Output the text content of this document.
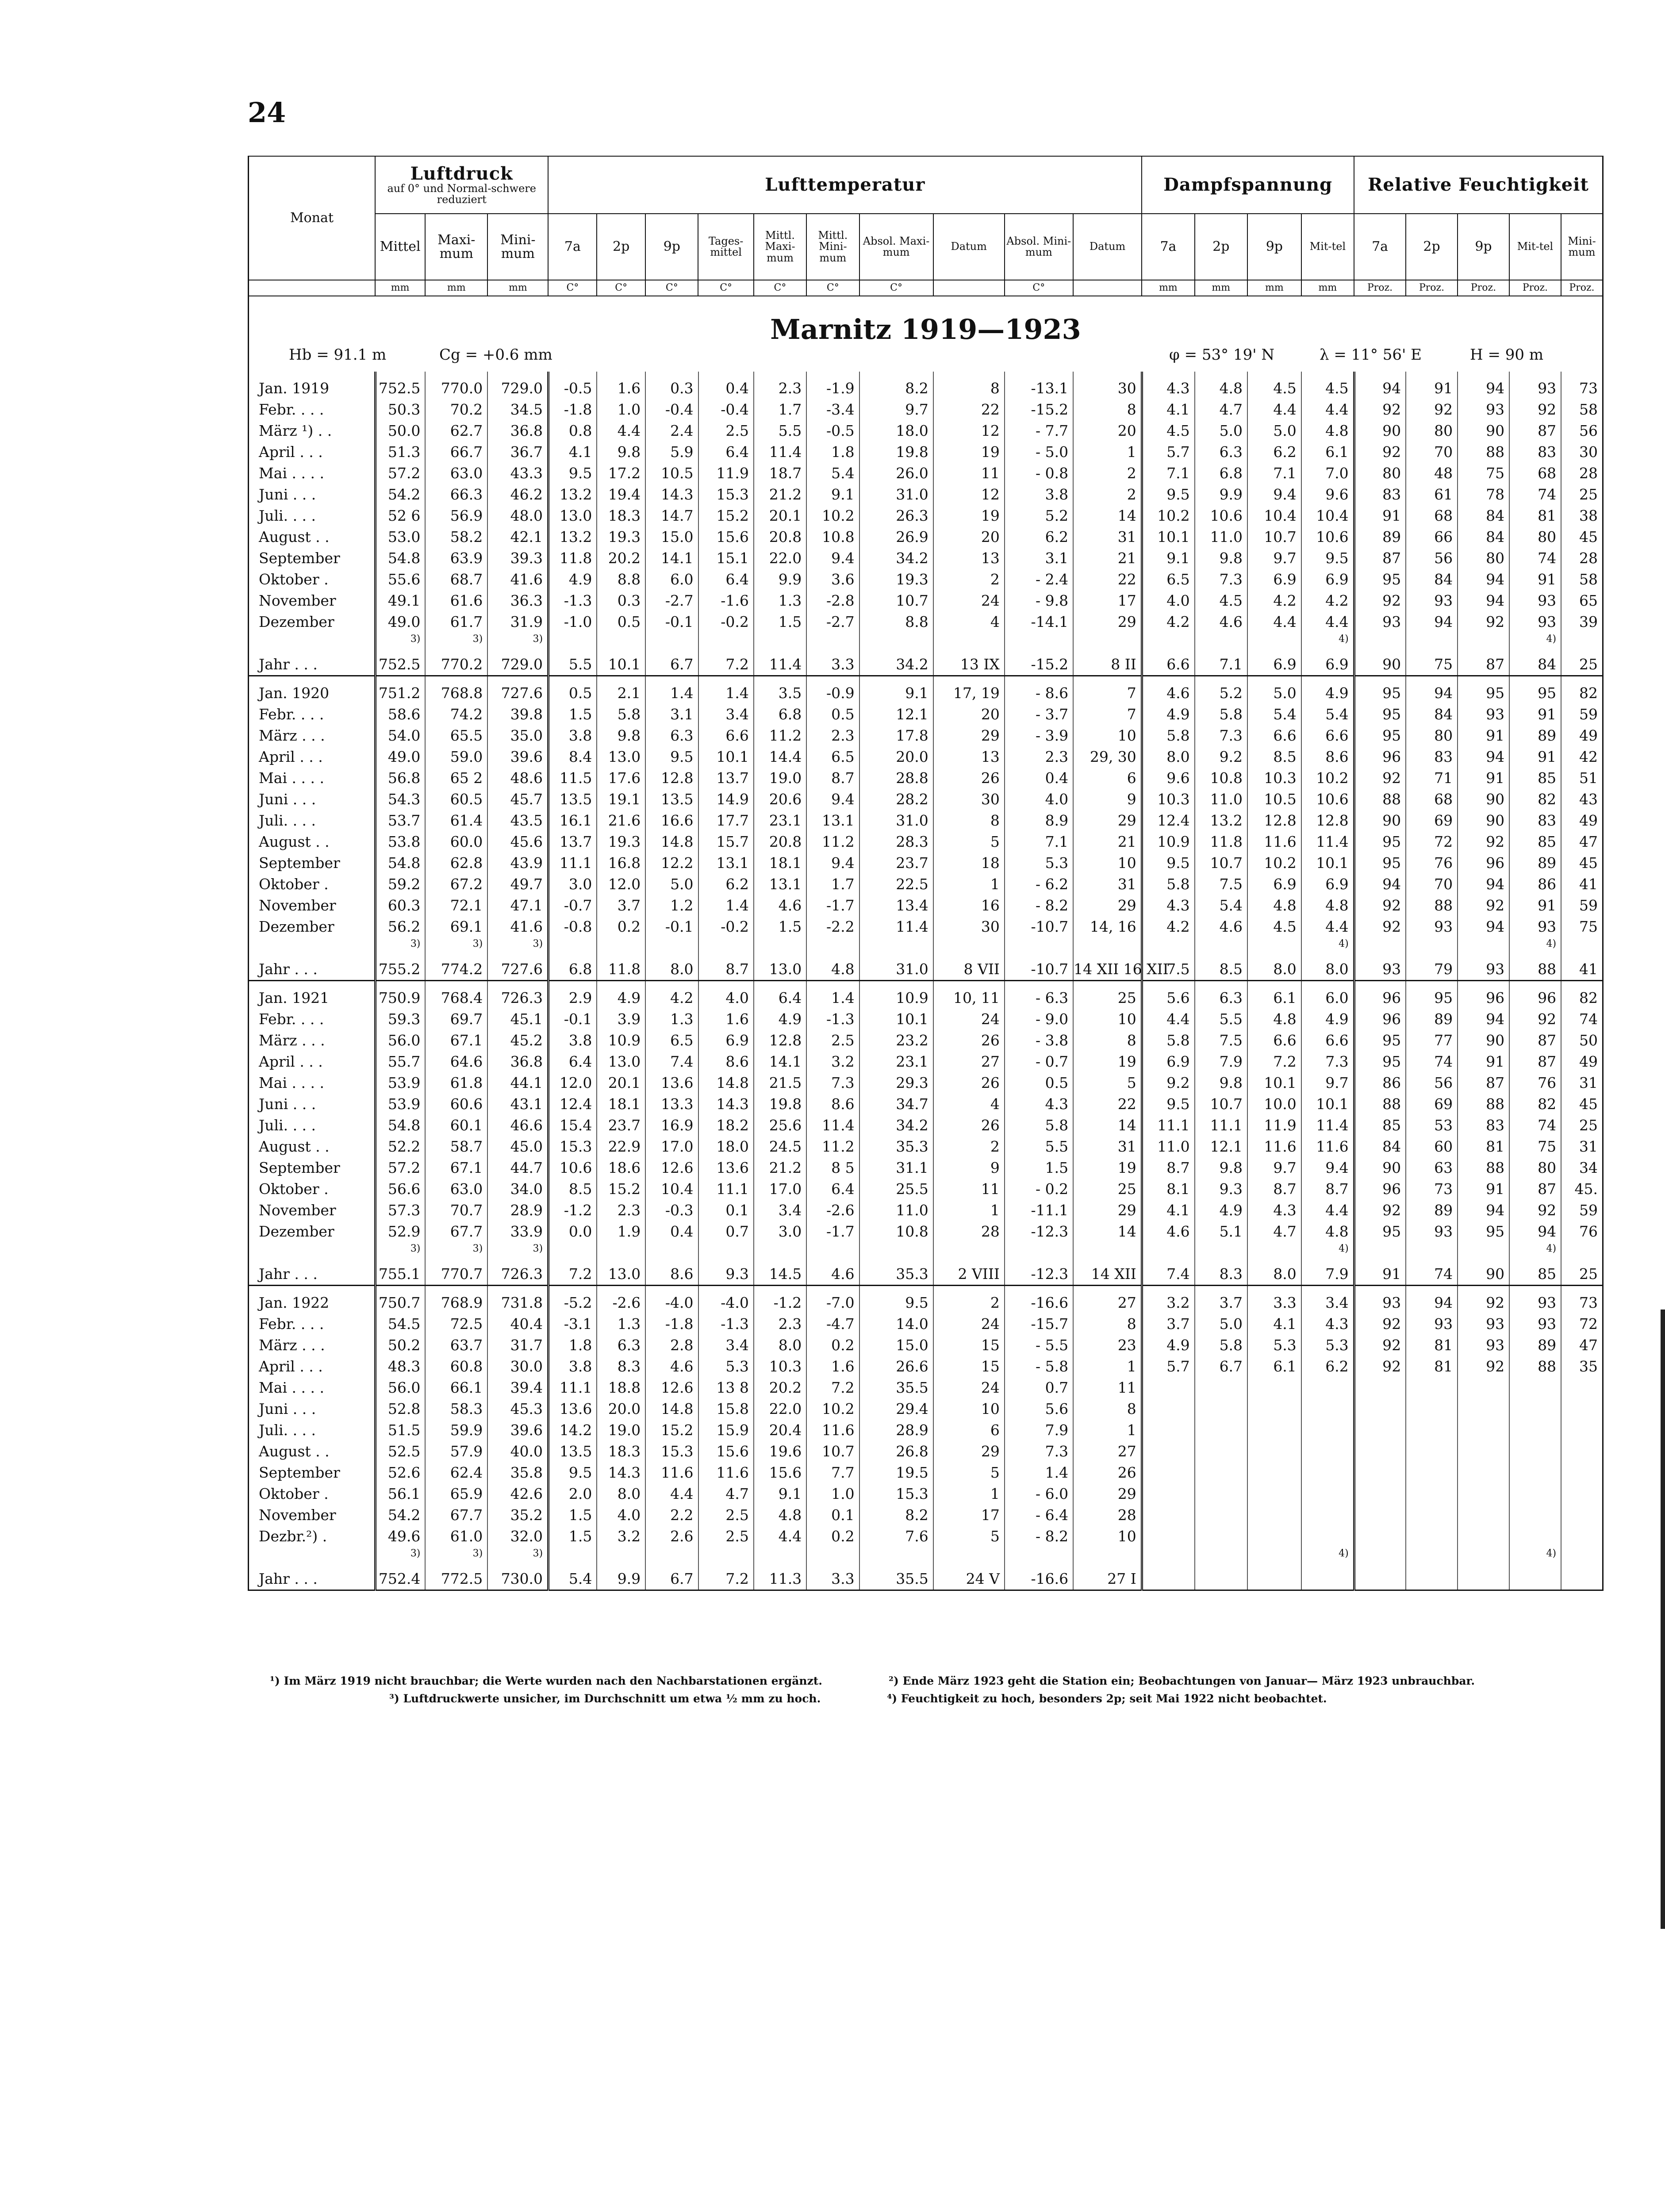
24
Monat	Luftdruck
auf 0° und Normal-schwere reduziert			Lufttemperatur										Dampfspannung				Relative Feuchtigkeit				
	Mittel	Maxi-mum	Mini-mum	7a	2p	9p	Tages-mittel	Mittl. Maxi-mum	Mittl. Mini-mum	Absol. Maxi-mum	Datum	Absol. Mini-mum	Datum	7a	2p	9p	Mit-tel	7a	2p	9p	Mit-tel	Mini-mum
	mm	mm	mm	C°	C°	C°	C°	C°	C°	C°		C°		mm	mm	mm	mm	Proz.	Proz.	Proz.	Proz.	Proz.
Marnitz 1919—1923
Hb = 91.1 m	Cg = +0.6 mm	φ = 53° 19' N	λ = 11° 56' E	H = 90 m
Jan. 1919	752.5	770.0	729.0	-0.5	1.6	0.3	0.4	2.3	-1.9	8.2	8	-13.1	30	4.3	4.8	4.5	4.5	94	91	94	93	73
Febr. . . .	50.3	70.2	34.5	-1.8	1.0	-0.4	-0.4	1.7	-3.4	9.7	22	-15.2	8	4.1	4.7	4.4	4.4	92	92	93	92	58
März ¹) . .	50.0	62.7	36.8	0.8	4.4	2.4	2.5	5.5	-0.5	18.0	12	- 7.7	20	4.5	5.0	5.0	4.8	90	80	90	87	56
April . . .	51.3	66.7	36.7	4.1	9.8	5.9	6.4	11.4	1.8	19.8	19	- 5.0	1	5.7	6.3	6.2	6.1	92	70	88	83	30
Mai . . . .	57.2	63.0	43.3	9.5	17.2	10.5	11.9	18.7	5.4	26.0	11	- 0.8	2	7.1	6.8	7.1	7.0	80	48	75	68	28
Juni . . .	54.2	66.3	46.2	13.2	19.4	14.3	15.3	21.2	9.1	31.0	12	3.8	2	9.5	9.9	9.4	9.6	83	61	78	74	25
Juli. . . .	52 6	56.9	48.0	13.0	18.3	14.7	15.2	20.1	10.2	26.3	19	5.2	14	10.2	10.6	10.4	10.4	91	68	84	81	38
August . .	53.0	58.2	42.1	13.2	19.3	15.0	15.6	20.8	10.8	26.9	20	6.2	31	10.1	11.0	10.7	10.6	89	66	84	80	45
September	54.8	63.9	39.3	11.8	20.2	14.1	15.1	22.0	9.4	34.2	13	3.1	21	9.1	9.8	9.7	9.5	87	56	80	74	28
Oktober .	55.6	68.7	41.6	4.9	8.8	6.0	6.4	9.9	3.6	19.3	2	- 2.4	22	6.5	7.3	6.9	6.9	95	84	94	91	58
November	49.1	61.6	36.3	-1.3	0.3	-2.7	-1.6	1.3	-2.8	10.7	24	- 9.8	17	4.0	4.5	4.2	4.2	92	93	94	93	65
Dezember	49.0	61.7	31.9	-1.0	0.5	-0.1	-0.2	1.5	-2.7	8.8	4	-14.1	29	4.2	4.6	4.4	4.4	93	94	92	93	39
	3)	3)	3)														4)				4)	
Jahr . . .	752.5	770.2	729.0	5.5	10.1	6.7	7.2	11.4	3.3	34.2	13 IX	-15.2	8 II	6.6	7.1	6.9	6.9	90	75	87	84	25
Jan. 1920	751.2	768.8	727.6	0.5	2.1	1.4	1.4	3.5	-0.9	9.1	17, 19	- 8.6	7	4.6	5.2	5.0	4.9	95	94	95	95	82
Febr. . . .	58.6	74.2	39.8	1.5	5.8	3.1	3.4	6.8	0.5	12.1	20	- 3.7	7	4.9	5.8	5.4	5.4	95	84	93	91	59
März . . .	54.0	65.5	35.0	3.8	9.8	6.3	6.6	11.2	2.3	17.8	29	- 3.9	10	5.8	7.3	6.6	6.6	95	80	91	89	49
April . . .	49.0	59.0	39.6	8.4	13.0	9.5	10.1	14.4	6.5	20.0	13	2.3	29, 30	8.0	9.2	8.5	8.6	96	83	94	91	42
Mai . . . .	56.8	65 2	48.6	11.5	17.6	12.8	13.7	19.0	8.7	28.8	26	0.4	6	9.6	10.8	10.3	10.2	92	71	91	85	51
Juni . . .	54.3	60.5	45.7	13.5	19.1	13.5	14.9	20.6	9.4	28.2	30	4.0	9	10.3	11.0	10.5	10.6	88	68	90	82	43
Juli. . . .	53.7	61.4	43.5	16.1	21.6	16.6	17.7	23.1	13.1	31.0	8	8.9	29	12.4	13.2	12.8	12.8	90	69	90	83	49
August . .	53.8	60.0	45.6	13.7	19.3	14.8	15.7	20.8	11.2	28.3	5	7.1	21	10.9	11.8	11.6	11.4	95	72	92	85	47
September	54.8	62.8	43.9	11.1	16.8	12.2	13.1	18.1	9.4	23.7	18	5.3	10	9.5	10.7	10.2	10.1	95	76	96	89	45
Oktober .	59.2	67.2	49.7	3.0	12.0	5.0	6.2	13.1	1.7	22.5	1	- 6.2	31	5.8	7.5	6.9	6.9	94	70	94	86	41
November	60.3	72.1	47.1	-0.7	3.7	1.2	1.4	4.6	-1.7	13.4	16	- 8.2	29	4.3	5.4	4.8	4.8	92	88	92	91	59
Dezember	56.2	69.1	41.6	-0.8	0.2	-0.1	-0.2	1.5	-2.2	11.4	30	-10.7	14, 16	4.2	4.6	4.5	4.4	92	93	94	93	75
	3)	3)	3)														4)				4)	
Jahr . . .	755.2	774.2	727.6	6.8	11.8	8.0	8.7	13.0	4.8	31.0	8 VII	-10.7	14 XII 16 XII	7.5	8.5	8.0	8.0	93	79	93	88	41
Jan. 1921	750.9	768.4	726.3	2.9	4.9	4.2	4.0	6.4	1.4	10.9	10, 11	- 6.3	25	5.6	6.3	6.1	6.0	96	95	96	96	82
Febr. . . .	59.3	69.7	45.1	-0.1	3.9	1.3	1.6	4.9	-1.3	10.1	24	- 9.0	10	4.4	5.5	4.8	4.9	96	89	94	92	74
März . . .	56.0	67.1	45.2	3.8	10.9	6.5	6.9	12.8	2.5	23.2	26	- 3.8	8	5.8	7.5	6.6	6.6	95	77	90	87	50
April . . .	55.7	64.6	36.8	6.4	13.0	7.4	8.6	14.1	3.2	23.1	27	- 0.7	19	6.9	7.9	7.2	7.3	95	74	91	87	49
Mai . . . .	53.9	61.8	44.1	12.0	20.1	13.6	14.8	21.5	7.3	29.3	26	0.5	5	9.2	9.8	10.1	9.7	86	56	87	76	31
Juni . . .	53.9	60.6	43.1	12.4	18.1	13.3	14.3	19.8	8.6	34.7	4	4.3	22	9.5	10.7	10.0	10.1	88	69	88	82	45
Juli. . . .	54.8	60.1	46.6	15.4	23.7	16.9	18.2	25.6	11.4	34.2	26	5.8	14	11.1	11.1	11.9	11.4	85	53	83	74	25
August . .	52.2	58.7	45.0	15.3	22.9	17.0	18.0	24.5	11.2	35.3	2	5.5	31	11.0	12.1	11.6	11.6	84	60	81	75	31
September	57.2	67.1	44.7	10.6	18.6	12.6	13.6	21.2	8 5	31.1	9	1.5	19	8.7	9.8	9.7	9.4	90	63	88	80	34
Oktober .	56.6	63.0	34.0	8.5	15.2	10.4	11.1	17.0	6.4	25.5	11	- 0.2	25	8.1	9.3	8.7	8.7	96	73	91	87	45.
November	57.3	70.7	28.9	-1.2	2.3	-0.3	0.1	3.4	-2.6	11.0	1	-11.1	29	4.1	4.9	4.3	4.4	92	89	94	92	59
Dezember	52.9	67.7	33.9	0.0	1.9	0.4	0.7	3.0	-1.7	10.8	28	-12.3	14	4.6	5.1	4.7	4.8	95	93	95	94	76
	3)	3)	3)														4)				4)	
Jahr . . .	755.1	770.7	726.3	7.2	13.0	8.6	9.3	14.5	4.6	35.3	2 VIII	-12.3	14 XII	7.4	8.3	8.0	7.9	91	74	90	85	25
Jan. 1922	750.7	768.9	731.8	-5.2	-2.6	-4.0	-4.0	-1.2	-7.0	9.5	2	-16.6	27	3.2	3.7	3.3	3.4	93	94	92	93	73
Febr. . . .	54.5	72.5	40.4	-3.1	1.3	-1.8	-1.3	2.3	-4.7	14.0	24	-15.7	8	3.7	5.0	4.1	4.3	92	93	93	93	72
März . . .	50.2	63.7	31.7	1.8	6.3	2.8	3.4	8.0	0.2	15.0	15	- 5.5	23	4.9	5.8	5.3	5.3	92	81	93	89	47
April . . .	48.3	60.8	30.0	3.8	8.3	4.6	5.3	10.3	1.6	26.6	15	- 5.8	1	5.7	6.7	6.1	6.2	92	81	92	88	35
Mai . . . .	56.0	66.1	39.4	11.1	18.8	12.6	13 8	20.2	7.2	35.5	24	0.7	11									
Juni . . .	52.8	58.3	45.3	13.6	20.0	14.8	15.8	22.0	10.2	29.4	10	5.6	8									
Juli. . . .	51.5	59.9	39.6	14.2	19.0	15.2	15.9	20.4	11.6	28.9	6	7.9	1									
August . .	52.5	57.9	40.0	13.5	18.3	15.3	15.6	19.6	10.7	26.8	29	7.3	27									
September	52.6	62.4	35.8	9.5	14.3	11.6	11.6	15.6	7.7	19.5	5	1.4	26									
Oktober .	56.1	65.9	42.6	2.0	8.0	4.4	4.7	9.1	1.0	15.3	1	- 6.0	29									
November	54.2	67.7	35.2	1.5	4.0	2.2	2.5	4.8	0.1	8.2	17	- 6.4	28									
Dezbr.²) .	49.6	61.0	32.0	1.5	3.2	2.6	2.5	4.4	0.2	7.6	5	- 8.2	10									
	3)	3)	3)														4)				4)	
Jahr . . .	752.4	772.5	730.0	5.4	9.9	6.7	7.2	11.3	3.3	35.5	24 V	-16.6	27 I									
¹) Im März 1919 nicht brauchbar; die Werte wurden nach den Nachbarstationen ergänzt.	²) Ende März 1923 geht die Station ein; Beobachtungen von Januar— März 1923 unbrauchbar.
³) Luftdruckwerte unsicher, im Durchschnitt um etwa ½ mm zu hoch.	⁴) Feuchtigkeit zu hoch, besonders 2p; seit Mai 1922 nicht beobachtet.
